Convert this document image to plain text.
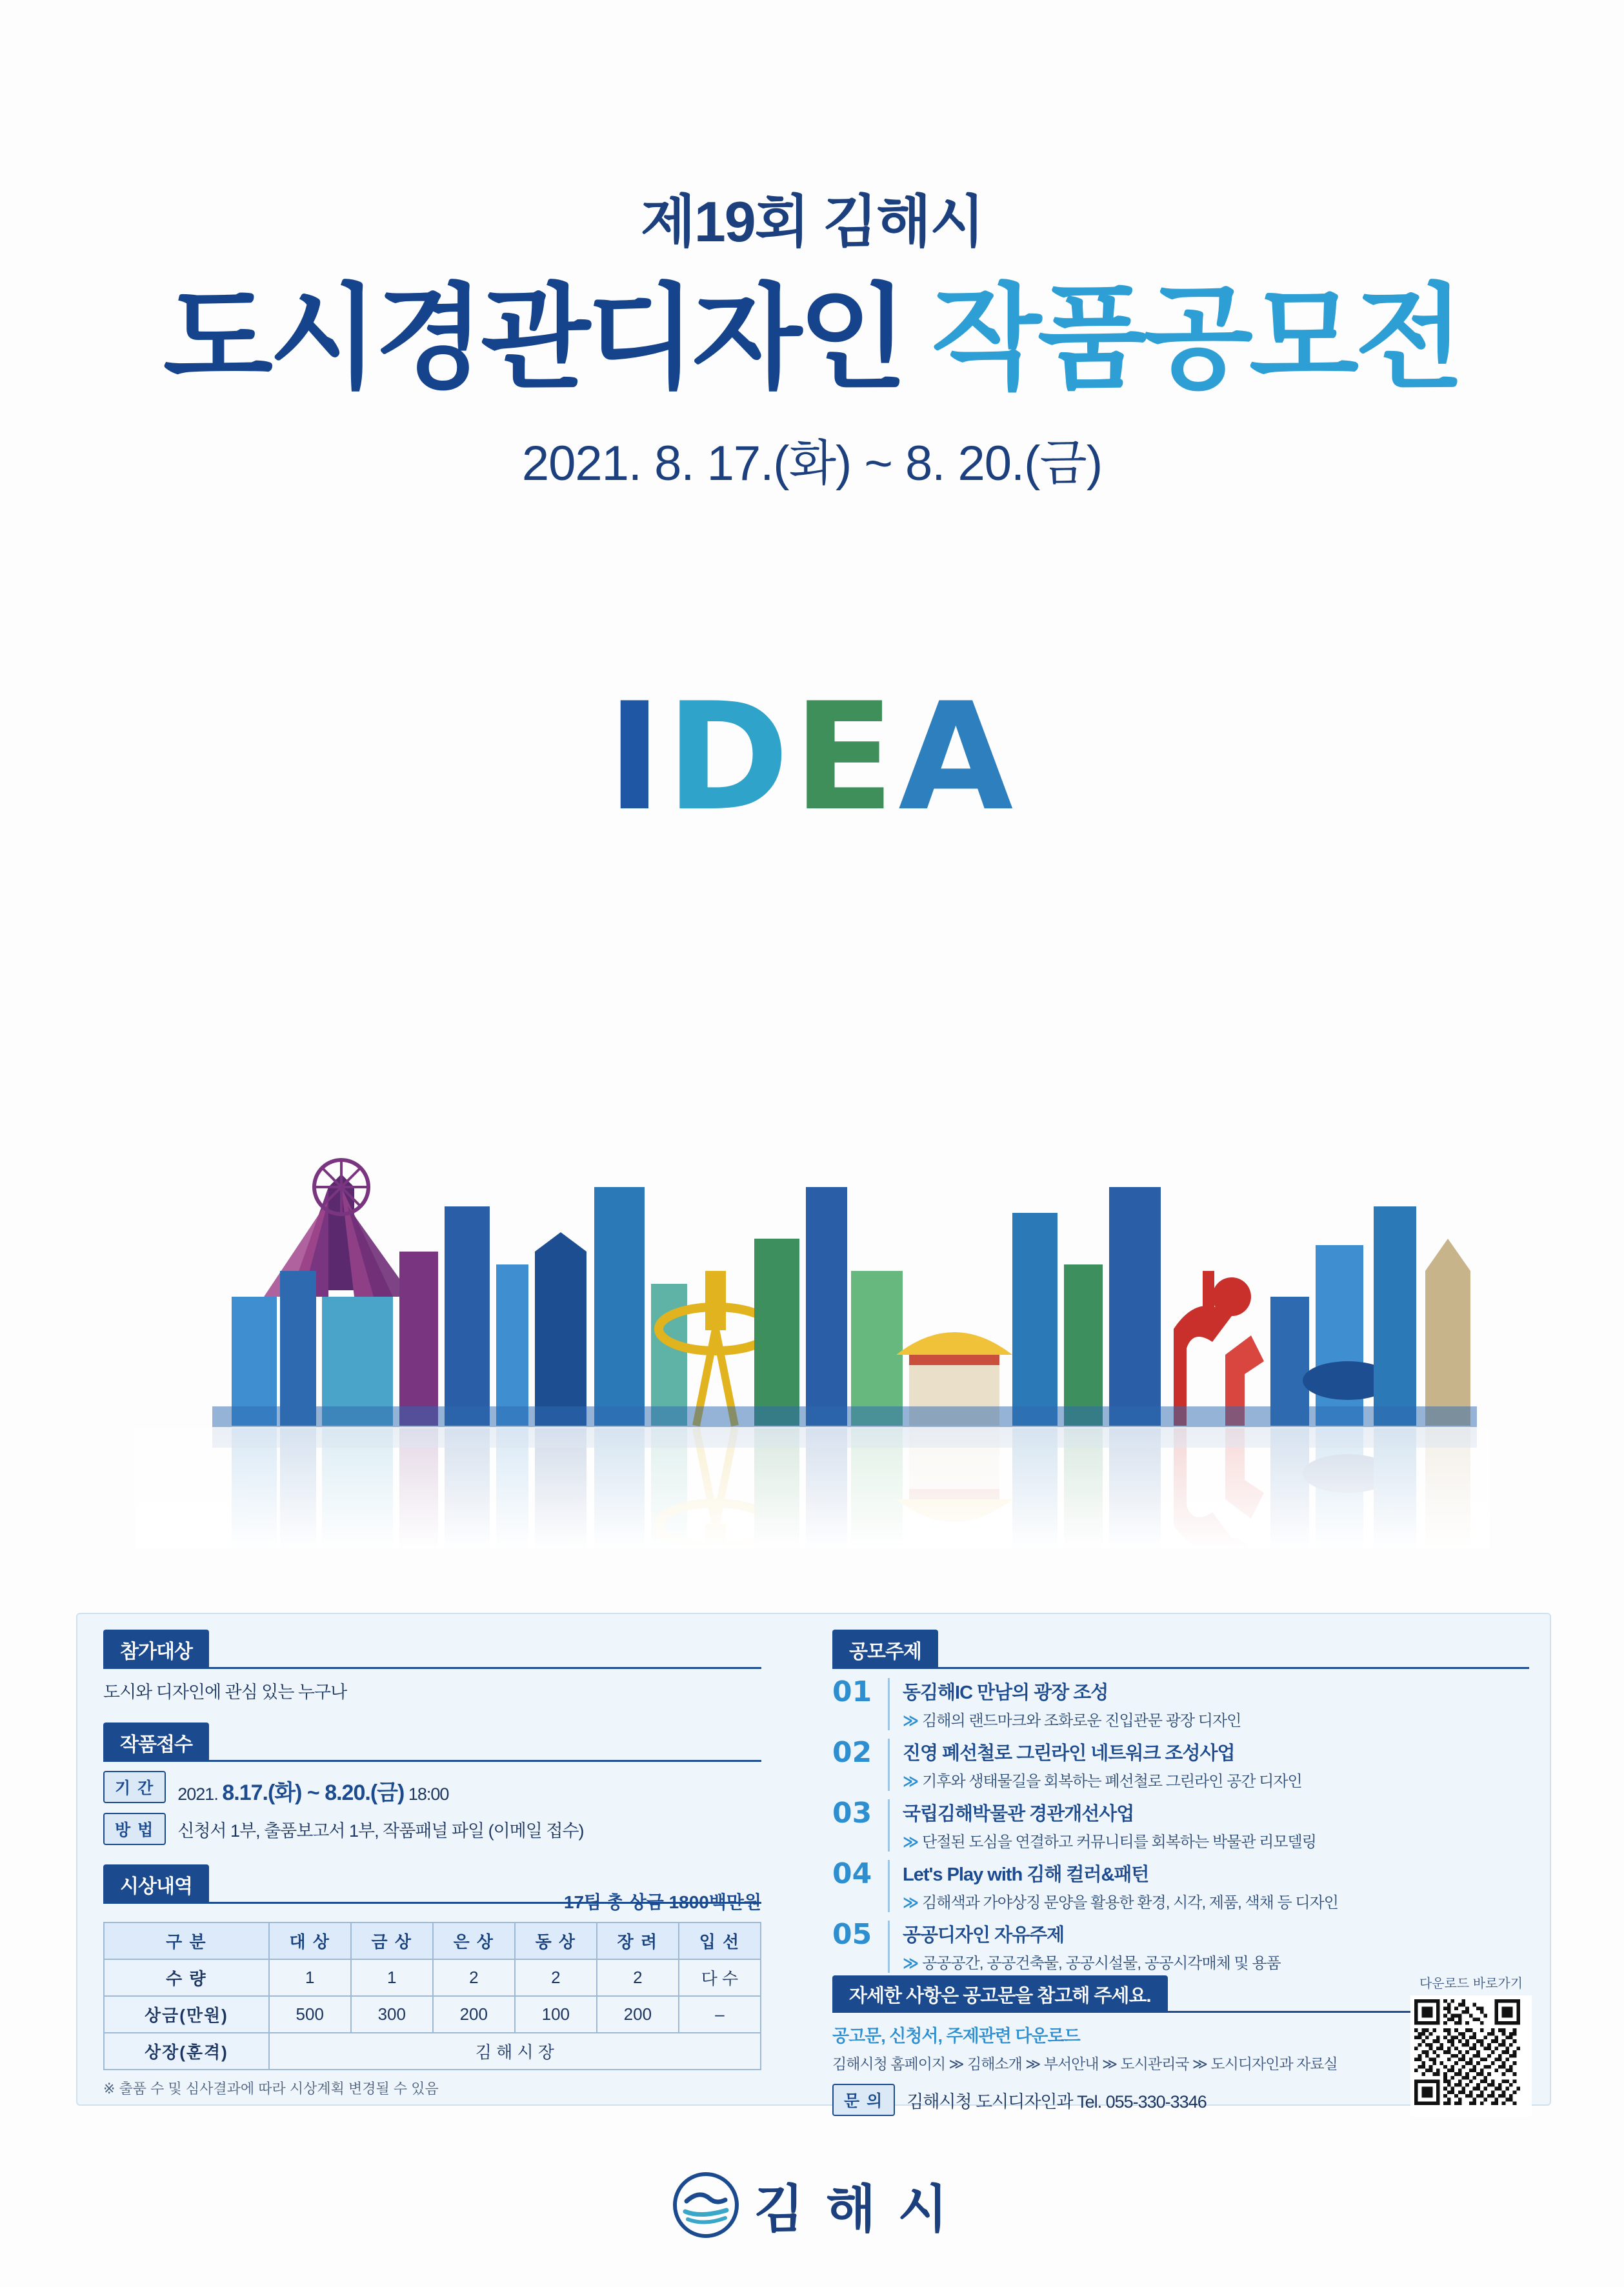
제19회 김해시
도시경관디자인 작품공모전
2021. 8. 17.(화) ~ 8. 20.(금)
IDEA
참가대상
도시와 디자인에 관심 있는 누구나
작품접수
기 간	2021. 8.17.(화) ~ 8.20.(금) 18:00
방 법	신청서 1부, 출품보고서 1부, 작품패널 파일 (이메일 접수)
시상내역
17팀 총 상금 1800백만원
구 분	대 상	금 상	은 상	동 상	장 려	입 선
수 량	1	1	2	2	2	다 수
상금(만원)	500	300	200	100	200	–
상장(훈격)	김 해 시 장					
※ 출품 수 및 심사결과에 따라 시상계획 변경될 수 있음
공모주제
01	동김해IC 만남의 광장 조성
≫ 김해의 랜드마크와 조화로운 진입관문 광장 디자인
02	진영 폐선철로 그린라인 네트워크 조성사업
≫ 기후와 생태물길을 회복하는 폐선철로 그린라인 공간 디자인
03	국립김해박물관 경관개선사업
≫ 단절된 도심을 연결하고 커뮤니티를 회복하는 박물관 리모델링
04	Let's Play with 김해 컬러&패턴
≫ 김해색과 가야상징 문양을 활용한 환경, 시각, 제품, 색채 등 디자인
05	공공디자인 자유주제
≫ 공공공간, 공공건축물, 공공시설물, 공공시각매체 및 용품
자세한 사항은 공고문을 참고해 주세요.
공고문, 신청서, 주제관련 다운로드
김해시청 홈페이지 ≫ 김해소개 ≫ 부서안내 ≫ 도시관리국 ≫ 도시디자인과 자료실
문 의	김해시청 도시디자인과 Tel. 055-330-3346
다운로드 바로가기
김 해 시
